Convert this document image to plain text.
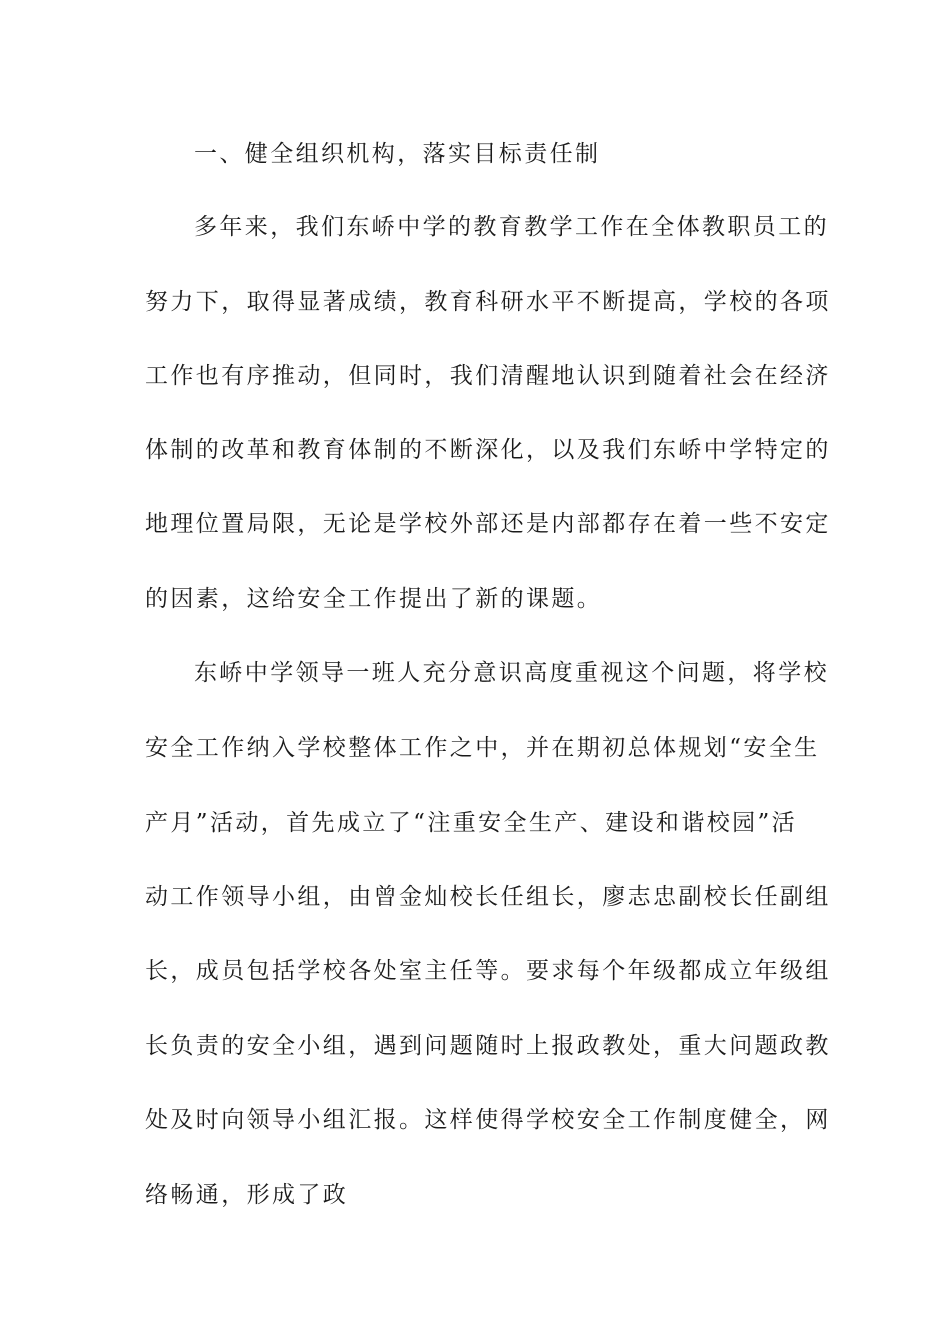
一、健全组织机构，落实目标责任制
多年来，我们东峤中学的教育教学工作在全体教职员工的
努力下，取得显著成绩，教育科研水平不断提高，学校的各项
工作也有序推动，但同时，我们清醒地认识到随着社会在经济
体制的改革和教育体制的不断深化，以及我们东峤中学特定的
地理位置局限，无论是学校外部还是内部都存在着一些不安定
的因素，这给安全工作提出了新的课题。
东峤中学领导一班人充分意识高度重视这个问题，将学校
安全工作纳入学校整体工作之中，并在期初总体规划“安全生
产月”活动，首先成立了“注重安全生产、建设和谐校园”活
动工作领导小组，由曾金灿校长任组长，廖志忠副校长任副组
长，成员包括学校各处室主任等。要求每个年级都成立年级组
长负责的安全小组，遇到问题随时上报政教处，重大问题政教
处及时向领导小组汇报。这样使得学校安全工作制度健全，网
络畅通，形成了政
